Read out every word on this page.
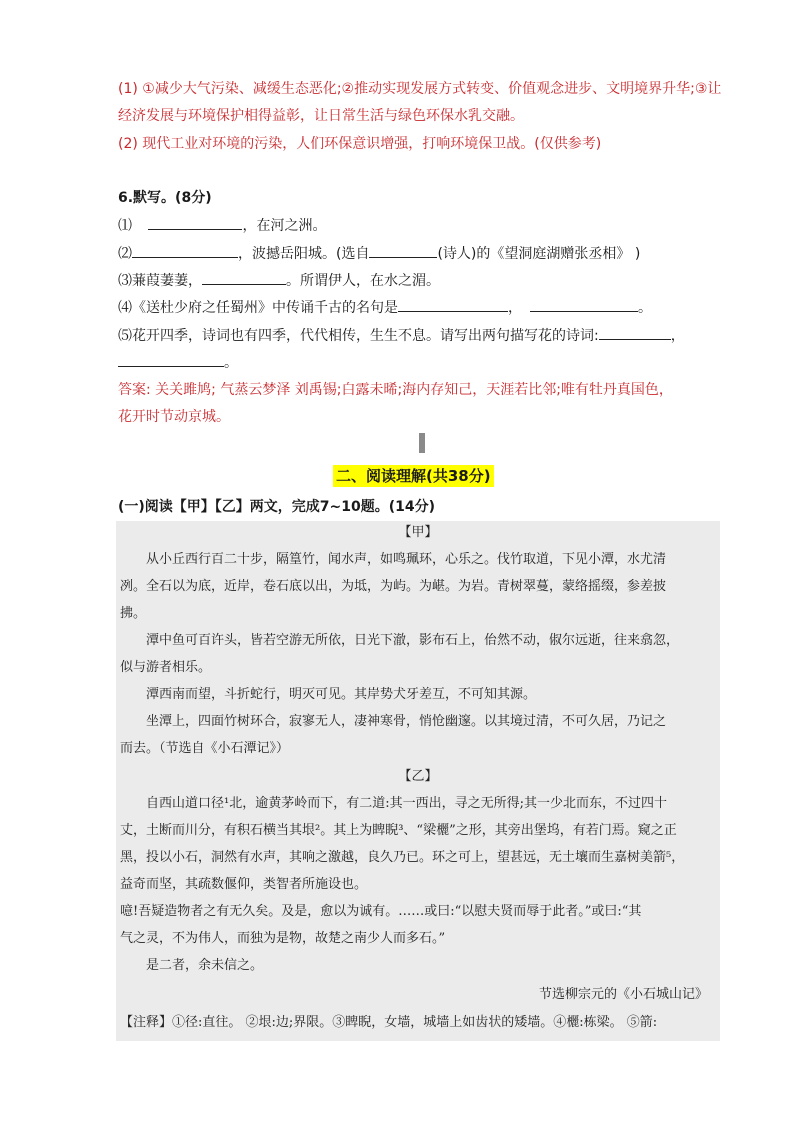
(1) ①减少大气污染、减缓生态恶化;②推动实现发展方式转变、价值观念进步、文明境界升华;③让
经济发展与环境保护相得益彰，让日常生活与绿色环保水乳交融。
(2) 现代工业对环境的污染，人们环保意识增强，打响环境保卫战。(仅供参考)
6.默写。(8分)
⑴	，在河之洲。
⑵	，波撼岳阳城。(选自	(诗人)的《望洞庭湖赠张丞相》 )
⑶蒹葭萋萋，	。所谓伊人，在水之湄。
⑷《送杜少府之任蜀州》中传诵千古的名句是	，	。
⑸花开四季，诗词也有四季，代代相传，生生不息。请写出两句描写花的诗词:	，
。
答案: 关关雎鸠; 气蒸云梦泽 刘禹锡;白露未晞;海内存知己，天涯若比邻;唯有牡丹真国色，
花开时节动京城。
二、阅读理解(共38分)
(一)阅读【甲】【乙】两文，完成7~10题。(14分)
【甲】
从小丘西行百二十步，隔篁竹，闻水声，如鸣珮环，心乐之。伐竹取道，下见小潭，水尤清
冽。全石以为底，近岸，卷石底以出，为坻，为屿。为嵁。为岩。青树翠蔓，蒙络摇缀，参差披
拂。
潭中鱼可百许头，皆若空游无所依，日光下澈，影布石上，佁然不动，俶尔远逝，往来翕忽，
似与游者相乐。
潭西南而望，斗折蛇行，明灭可见。其岸势犬牙差互，不可知其源。
坐潭上，四面竹树环合，寂寥无人，凄神寒骨，悄怆幽邃。以其境过清，不可久居，乃记之
而去。（节选自《小石潭记》）
【乙】
自西山道口径¹北，逾黄茅岭而下，有二道:其一西出，寻之无所得;其一少北而东，不过四十
丈，土断而川分，有积石横当其垠²。其上为睥睨³、“梁欐”之形，其旁出堡坞，有若门焉。窥之正
黑，投以小石，洞然有水声，其响之激越，良久乃已。环之可上，望甚远，无土壤而生嘉树美箭⁵，
益奇而坚，其疏数偃仰，类智者所施设也。
噫!吾疑造物者之有无久矣。及是，愈以为诚有。……或曰:“以慰夫贤而辱于此者。”或曰:“其
气之灵，不为伟人，而独为是物，故楚之南少人而多石。”
是二者，余未信之。
节选柳宗元的《小石城山记》
【注释】①径:直往。 ②垠:边;界限。③睥睨，女墙，城墙上如齿状的矮墙。④欐:栋梁。 ⑤箭:
